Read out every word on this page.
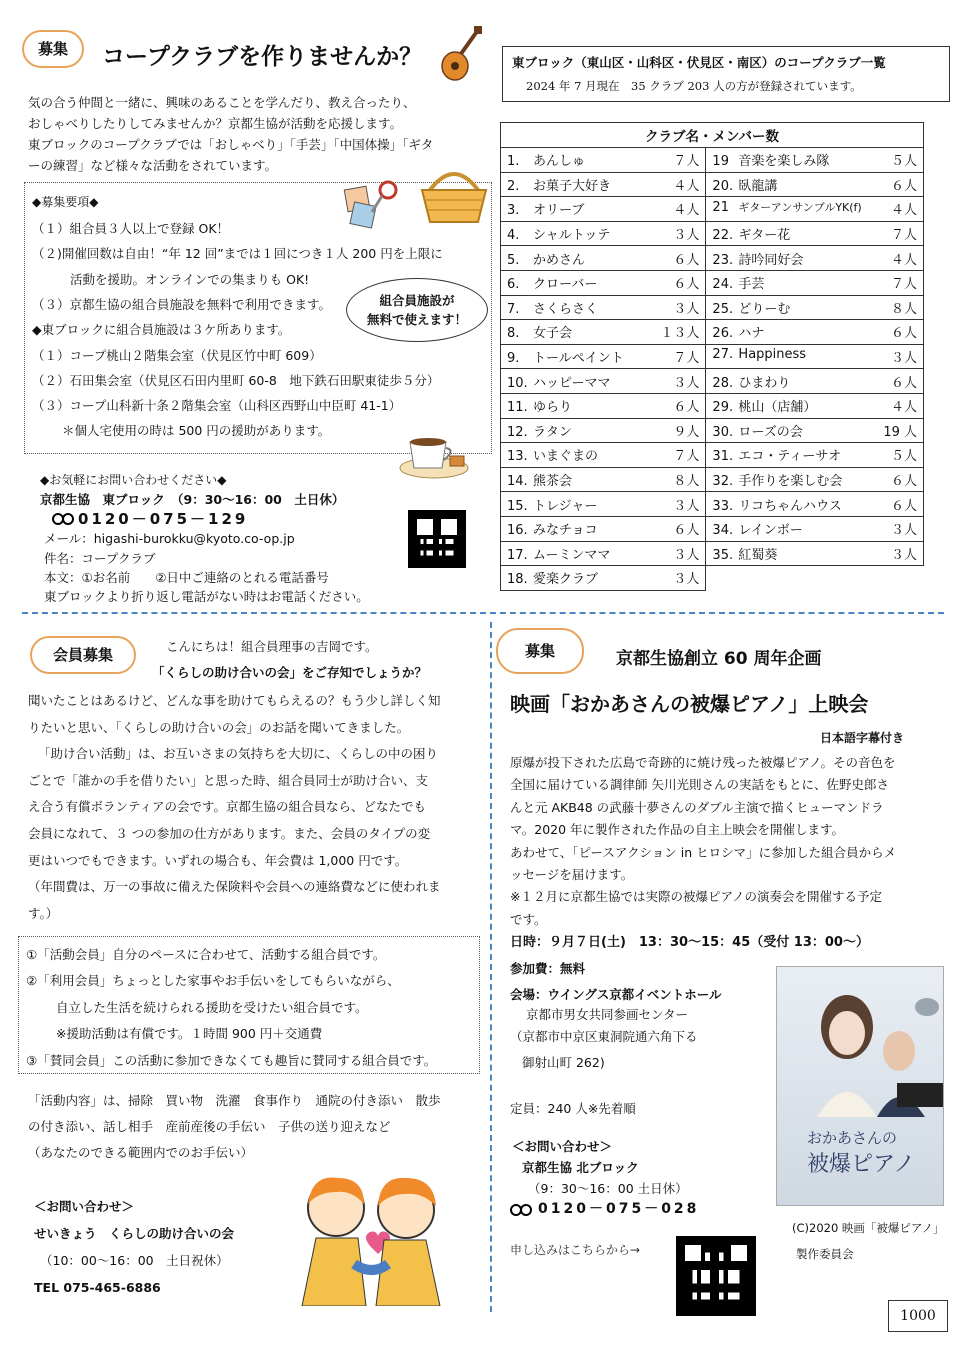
募集	コープクラブを作りませんか？
気の合う仲間と一緒に、興味のあることを学んだり、教え合ったり、
おしゃべりしたりしてみませんか？京都生協が活動を応援します。
東ブロックのコープクラブでは「おしゃべり」「手芸」「中国体操」「ギタ
ーの練習」など様々な活動をされています。
◆募集要項◆
（１）組合員３人以上で登録 OK！
（２)開催回数は自由！“年 12 回”までは１回につき１人 200 円を上限に
活動を援助。オンラインでの集まりも OK!
（３）京都生協の組合員施設を無料で利用できます。
◆東ブロックに組合員施設は３ケ所あります。
（１）コープ桃山２階集会室（伏見区竹中町 609）
（２）石田集会室（伏見区石田内里町 60-8　地下鉄石田駅東徒歩５分）
（３）コープ山科新十条２階集会室（山科区西野山中臣町 41-1）
＊個人宅使用の時は 500 円の援助があります。
組合員施設が
無料で使えます！
◆お気軽にお問い合わせください◆
京都生協　東ブロック　（9：30～16：00　土日休）
0120－075－129
メール：higashi-burokku@kyoto.co-op.jp
件名：コープクラブ
本文：①お名前　　②日中ご連絡のとれる電話番号
東ブロックより折り返し電話がない時はお電話ください。
東ブロック（東山区・山科区・伏見区・南区）のコープクラブ一覧
2024 年 7 月現在　35 クラブ 203 人の方が登録されています。
クラブ名・メンバー数	
1. あんしゅ ７人	19 音楽を楽しみ隊 ５人

2. お菓子大好き ４人	20. 臥龍講 ６人

3. オリーブ ４人	21 ギターアンサンブルYK(f) ４人

4. シャルトッテ ３人	22. ギター花 ７人

5. かめさん ６人	23. 詩吟同好会 ４人

6. クローバー ６人	24. 手芸 ７人

7. さくらさく ３人	25. どりーむ ８人

8. 女子会 １３人	26. ハナ ６人

9. トールペイント ７人	27. Happiness ３人

10. ハッピーママ ３人	28. ひまわり ６人

11. ゆらり ６人	29. 桃山（店舗） ４人

12. ラタン ９人	30. ローズの会 19 人

13. いまぐまの ７人	31. エコ・ティーサオ ５人

14. 熊茶会 ８人	32. 手作りを楽しむ会 ６人

15. トレジャー ３人	33. リコちゃんハウス ６人

16. みなチョコ ６人	34. レインボー ３人

17. ムーミンママ ３人	35. 紅蜀葵 ３人

18. 愛楽クラブ ３人	

会員募集	こんにちは！組合員理事の吉岡です。
「くらしの助け合いの会」をご存知でしょうか？
聞いたことはあるけど、どんな事を助けてもらえるの？もう少し詳しく知
りたいと思い、「くらしの助け合いの会」のお話を聞いてきました。
「助け合い活動」は、お互いさまの気持ちを大切に、くらしの中の困り
ごとで「誰かの手を借りたい」と思った時、組合員同士が助け合い、支
え合う有償ボランティアの会です。京都生協の組合員なら、どなたでも
会員になれて、３ つの参加の仕方があります。また、会員のタイプの変
更はいつでもできます。いずれの場合も、年会費は 1,000 円です。
（年間費は、万一の事故に備えた保険料や会員への連絡費などに使われま
す。）
①「活動会員」自分のペースに合わせて、活動する組合員です。
②「利用会員」ちょっとした家事やお手伝いをしてもらいながら、
自立した生活を続けられる援助を受けたい組合員です。
※援助活動は有償です。１時間 900 円＋交通費
③「賛同会員」この活動に参加できなくても趣旨に賛同する組合員です。
「活動内容」は、掃除　買い物　洗濯　食事作り　通院の付き添い　散歩
の付き添い、話し相手　産前産後の手伝い　子供の送り迎えなど
（あなたのできる範囲内でのお手伝い）
＜お問い合わせ＞
せいきょう　くらしの助け合いの会
（10：00～16：00　土日祝休）
TEL 075-465-6886
募集	京都生協創立 60 周年企画
映画「おかあさんの被爆ピアノ」上映会
日本語字幕付き
原爆が投下された広島で奇跡的に焼け残った被爆ピアノ。その音色を
全国に届けている調律師 矢川光則さんの実話をもとに、佐野史郎さ
んと元 AKB48 の武藤十夢さんのダブル主演で描くヒューマンドラ
マ。2020 年に製作された作品の自主上映会を開催します。
あわせて、「ピースアクション in ヒロシマ」に参加した組合員からメ
ッセージを届けます。
※１２月に京都生協では実際の被爆ピアノの演奏会を開催する予定
です。
日時：９月７日(土)　13：30～15：45（受付 13：00～）
参加費：無料
会場：ウイングス京都イベントホール
京都市男女共同参画センター
（京都市中京区東洞院通六角下る
御射山町 262)
定員：240 人※先着順
＜お問い合わせ＞
京都生協 北ブロック
（9：30～16：00 土日休）
0120－075－028
申し込みはこちらから→
おかあさんの
被爆ピアノ
(C)2020 映画「被爆ピアノ」
製作委員会
1000
